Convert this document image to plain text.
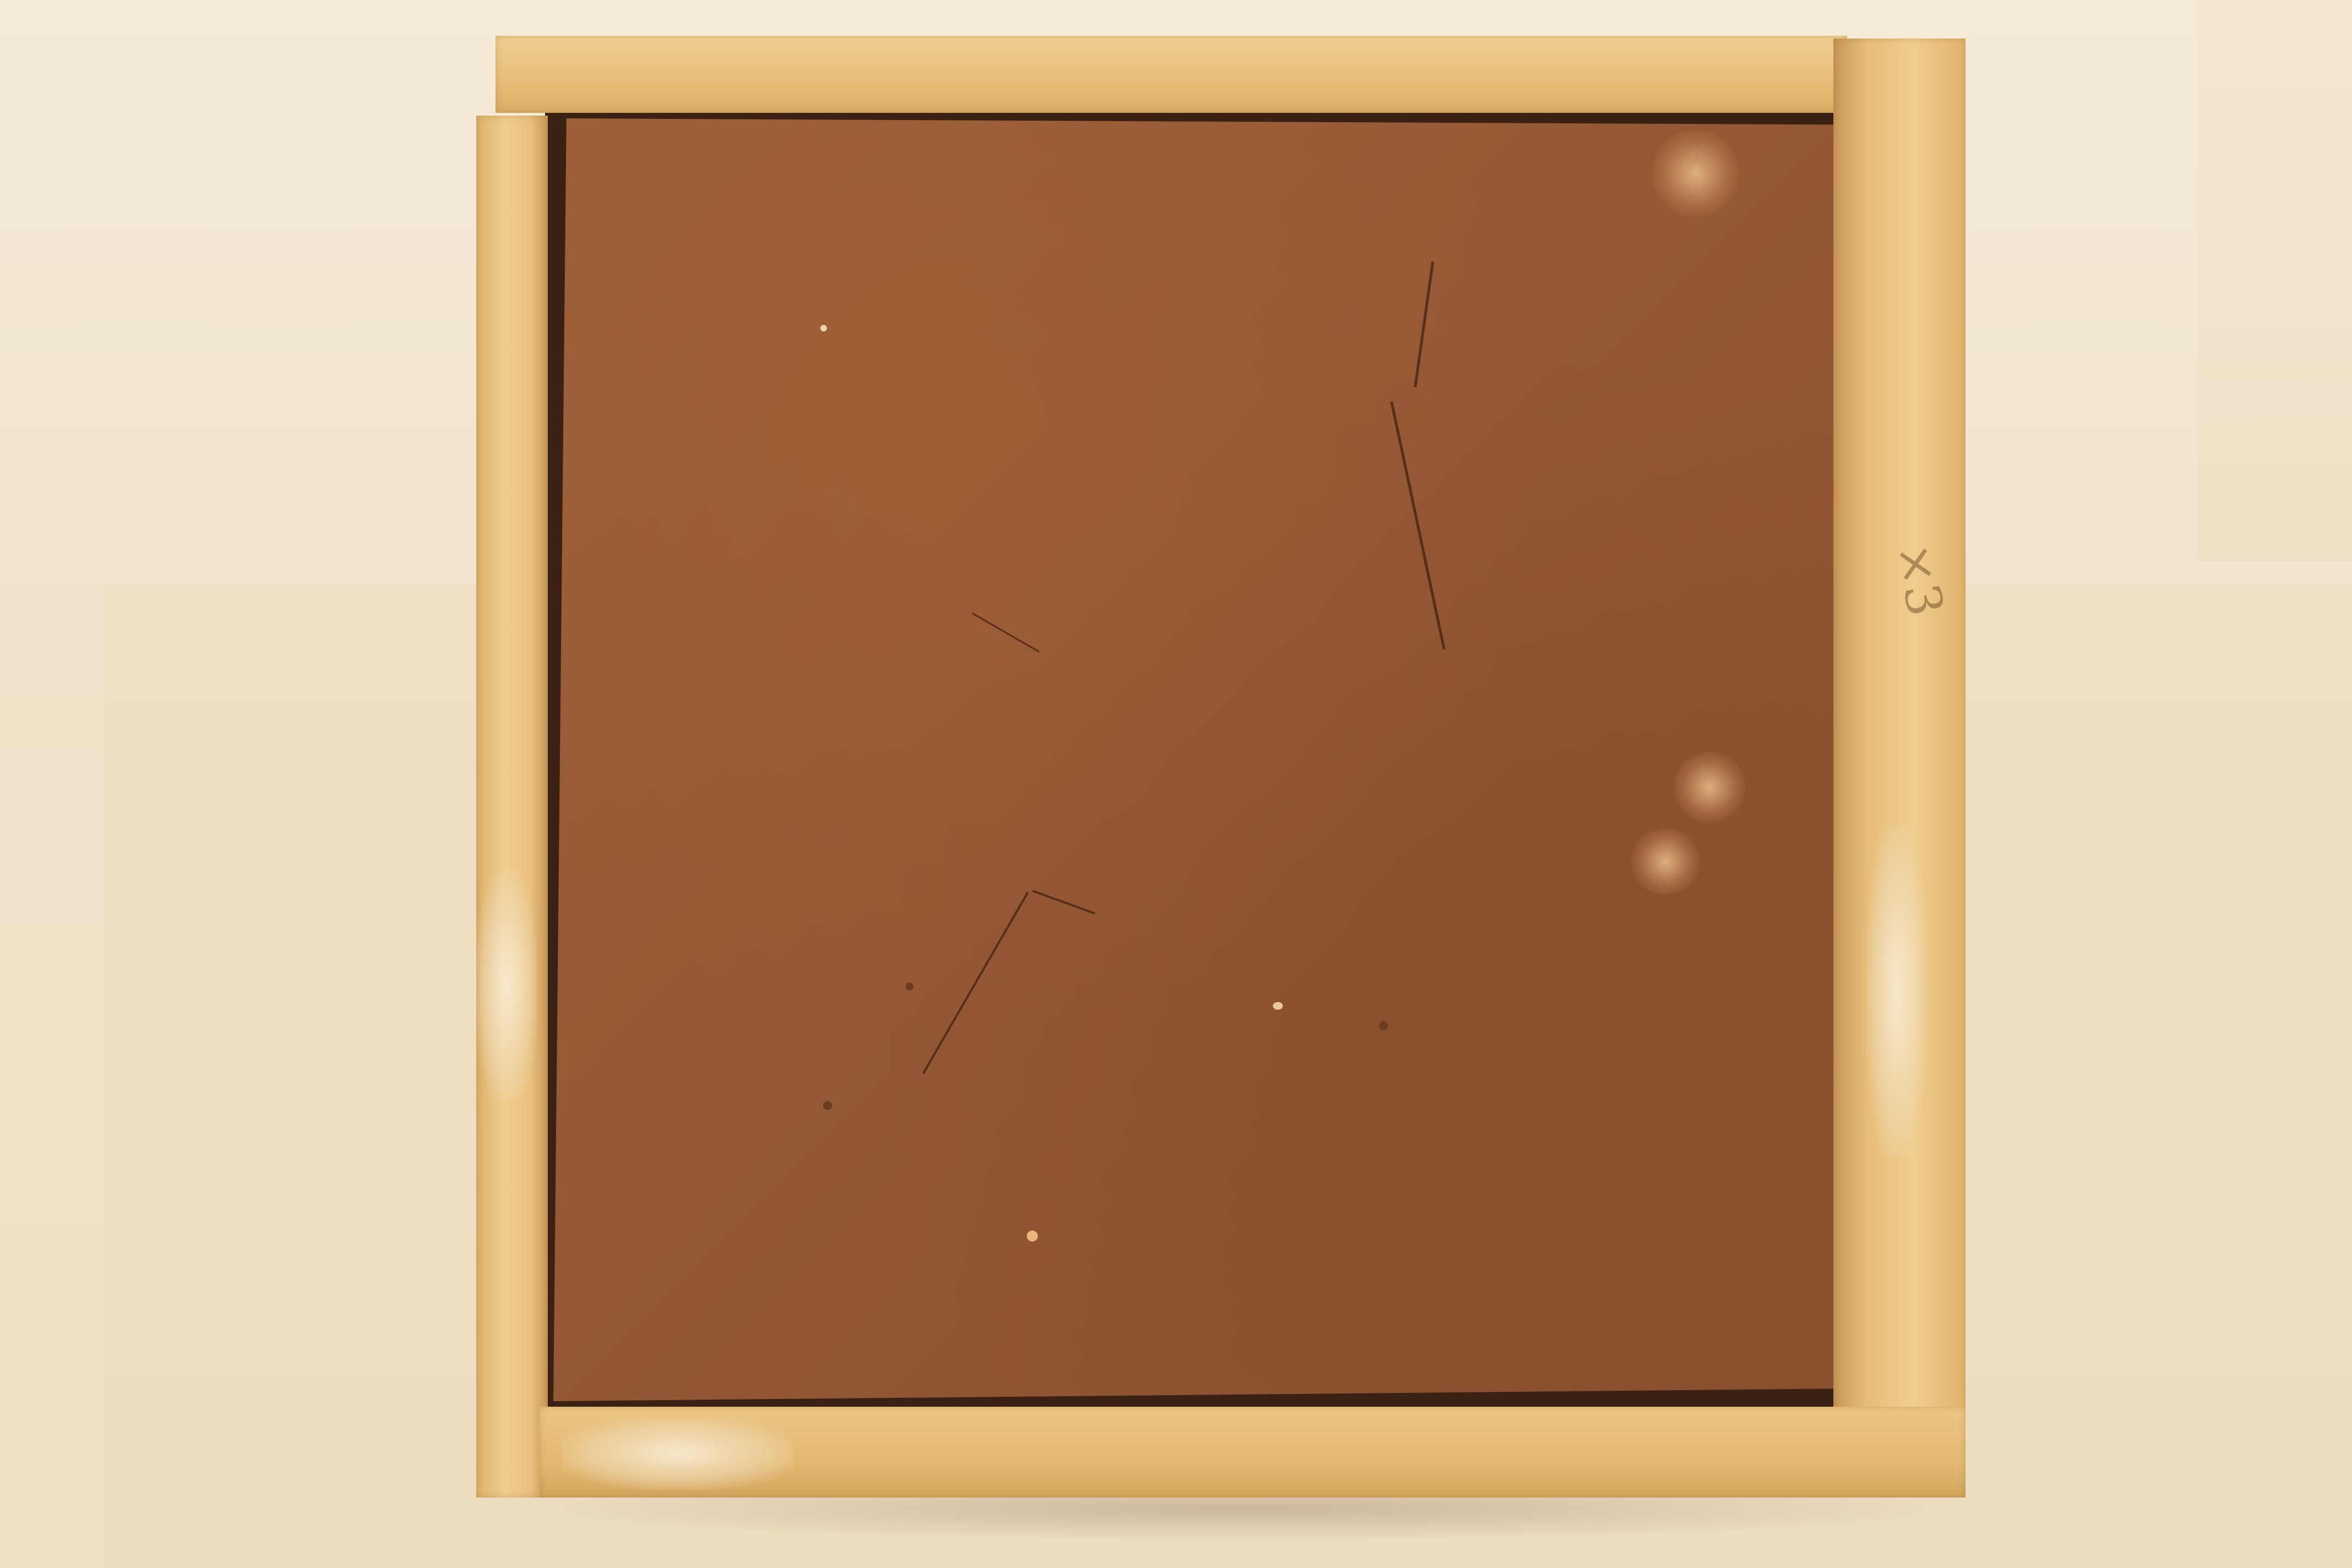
×3
